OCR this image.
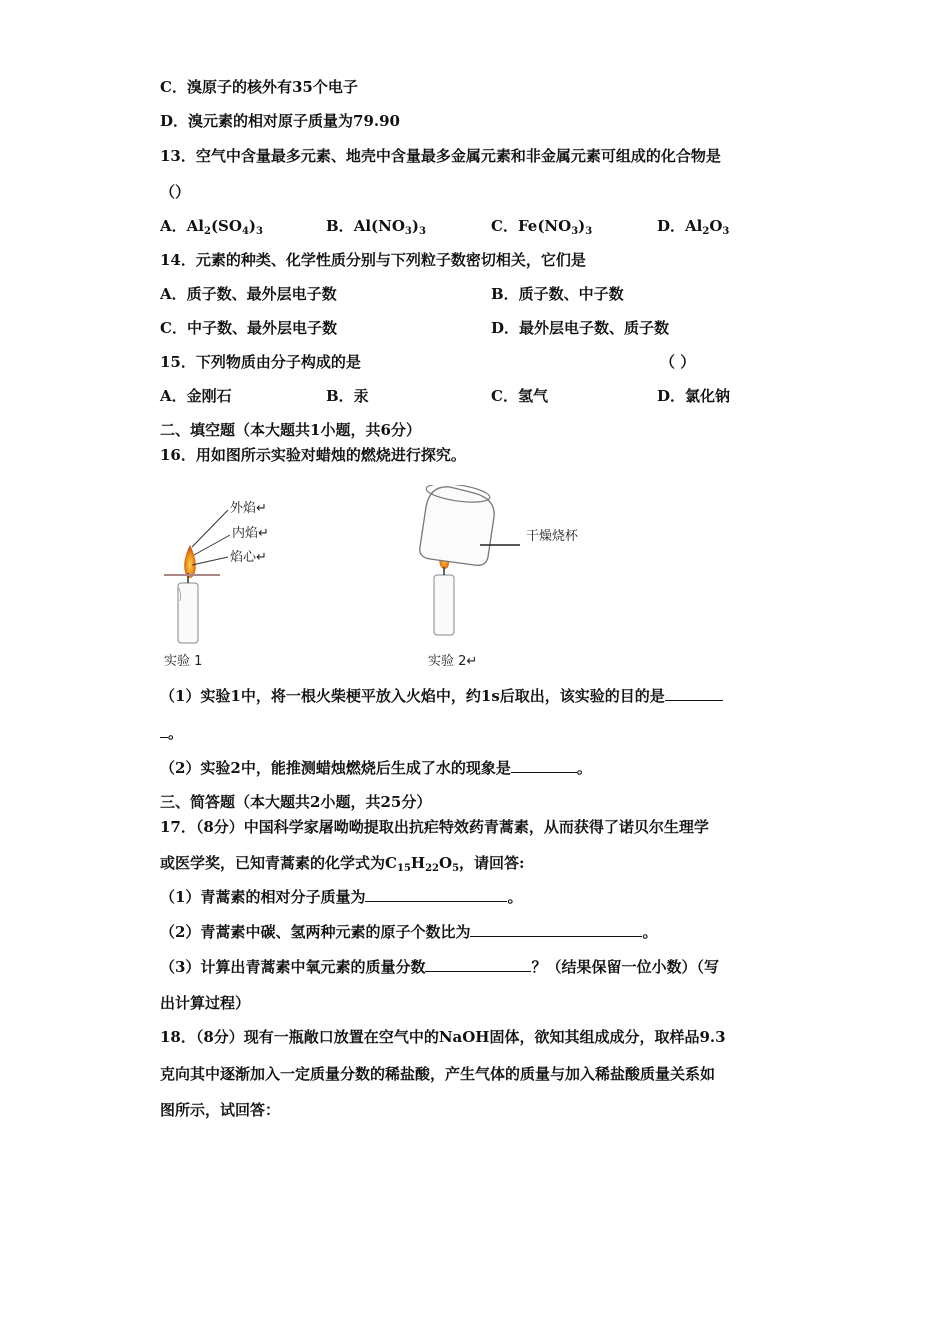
C．溴原子的核外有35个电子
D．溴元素的相对原子质量为79.90
13．空气中含量最多元素、地壳中含量最多金属元素和非金属元素可组成的化合物是
（）
A．$Al_2(SO_4)_3$	B．$Al(NO_3)_3$	C．$Fe(NO_3)_3$	D．$Al_2O_3$
14．元素的种类、化学性质分别与下列粒子数密切相关，它们是
A．质子数、最外层电子数	B．质子数、中子数
C．中子数、最外层电子数	D．最外层电子数、质子数
15．下列物质由分子构成的是	（ ）
A．金刚石	B．汞	C．氢气	D．氯化钠
二、填空题（本大题共1小题，共6分）
16．用如图所示实验对蜡烛的燃烧进行探究。
外焰↵
内焰↵
焰心↵
干燥烧杯
实验 1	实验 2↵
（1）实验1中，将一根火柴梗平放入火焰中，约1s后取出，该实验的目的是
。
（2）实验2中，能推测蜡烛燃烧后生成了水的现象是	。
三、简答题（本大题共2小题，共25分）
17．（8分）中国科学家屠呦呦提取出抗疟特效药青蒿素，从而获得了诺贝尔生理学
或医学奖，已知青蒿素的化学式为$C_{15}H_{22}O_5$，请回答:
（1）青蒿素的相对分子质量为	。
（2）青蒿素中碳、氢两种元素的原子个数比为	。
（3）计算出青蒿素中氧元素的质量分数	？（结果保留一位小数）（写
出计算过程）
18．（8分）现有一瓶敞口放置在空气中的NaOH固体，欲知其组成成分，取样品9.3
克向其中逐渐加入一定质量分数的稀盐酸，产生气体的质量与加入稀盐酸质量关系如
图所示，试回答：
